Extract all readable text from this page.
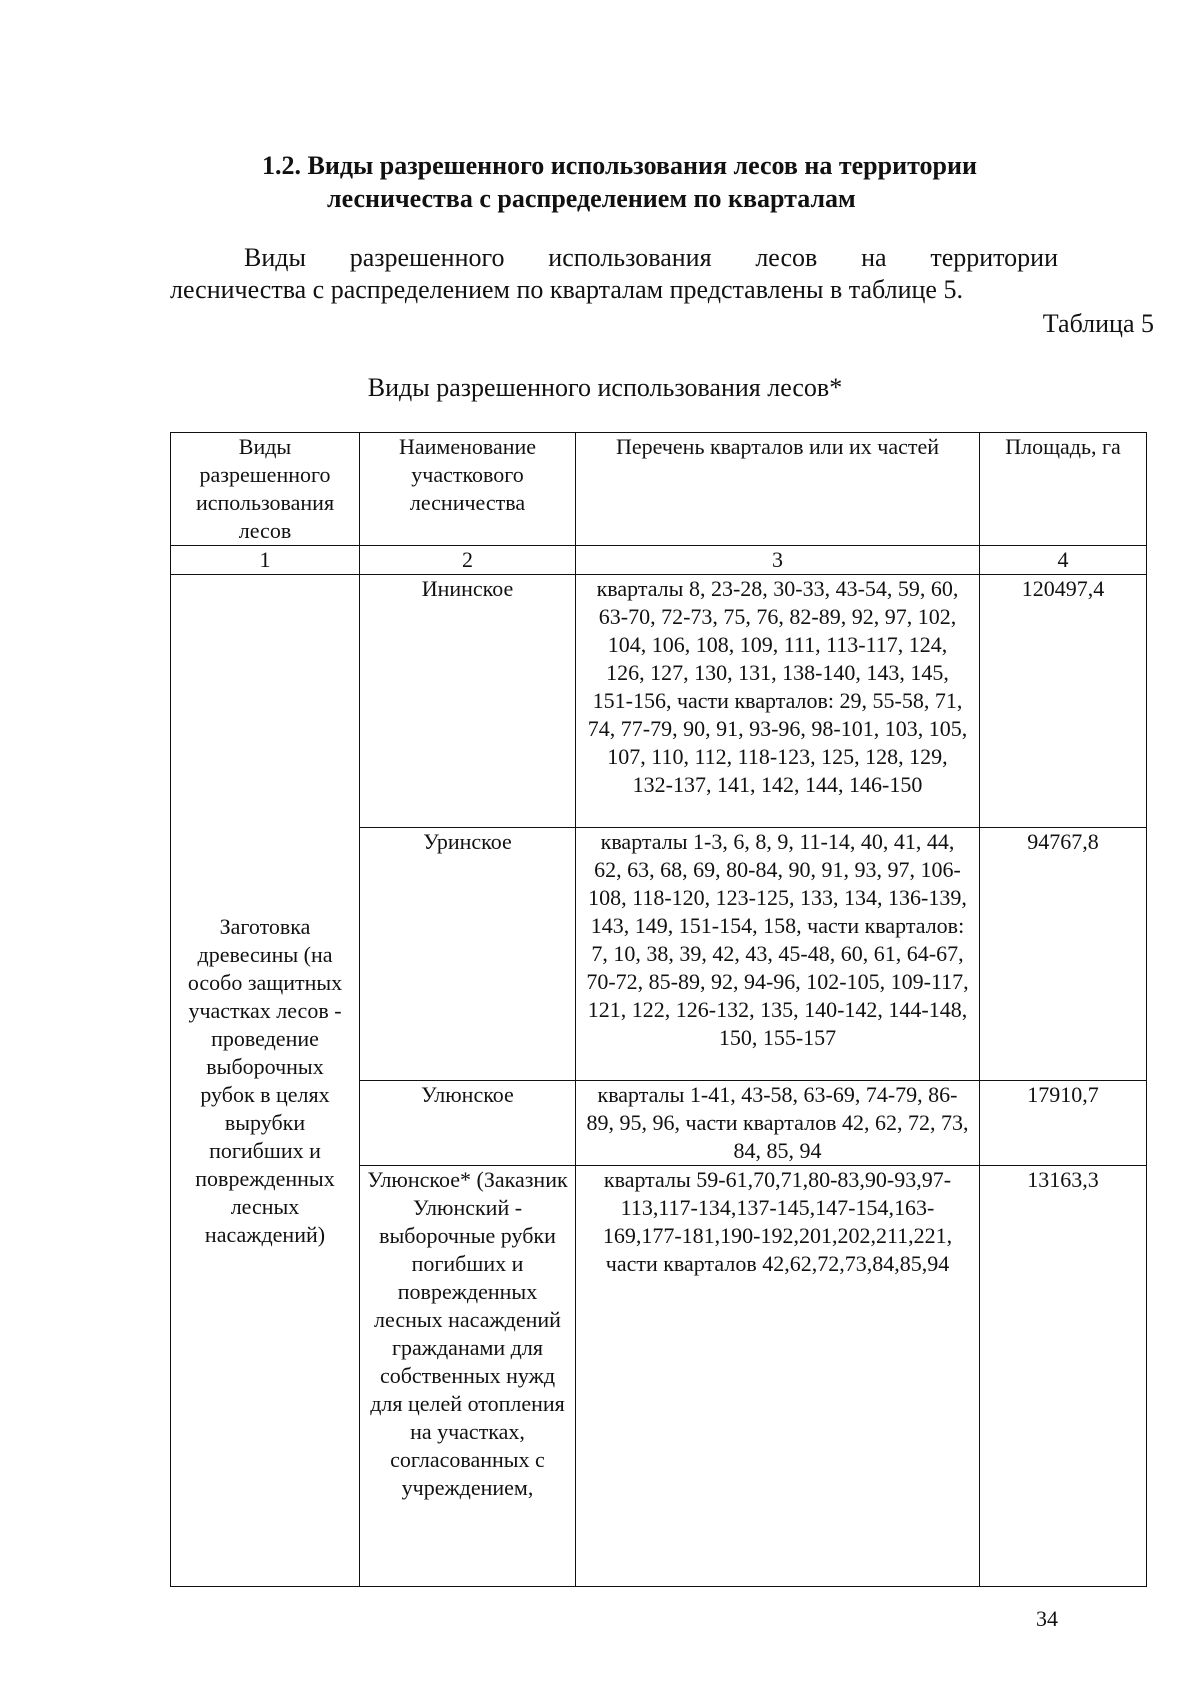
1.2. Виды разрешенного использования лесов на территории
лесничества с распределением по кварталам
Виды разрешенного использования лесов на территории
лесничества с распределением по кварталам представлены в таблице 5.
Таблица 5
Виды разрешенного использования лесов*
Виды разрешенного использования лесов	Наименование участкового лесничества	Перечень кварталов или их частей	Площадь, га
1	2	3	4
Заготовка древесины (на особо защитных участках лесов - проведение выборочных рубок в целях вырубки погибших и поврежденных лесных насаждений)	Ининское	кварталы 8, 23-28, 30-33, 43-54, 59, 60, 63-70, 72-73, 75, 76, 82-89, 92, 97, 102, 104, 106, 108, 109, 111, 113-117, 124, 126, 127, 130, 131, 138-140, 143, 145, 151-156, части кварталов: 29, 55-58, 71, 74, 77-79, 90, 91, 93-96, 98-101, 103, 105, 107, 110, 112, 118-123, 125, 128, 129, 132-137, 141, 142, 144, 146-150	120497,4
	Уринское	кварталы 1-3, 6, 8, 9, 11-14, 40, 41, 44, 62, 63, 68, 69, 80-84, 90, 91, 93, 97, 106-108, 118-120, 123-125, 133, 134, 136-139, 143, 149, 151-154, 158, части кварталов: 7, 10, 38, 39, 42, 43, 45-48, 60, 61, 64-67, 70-72, 85-89, 92, 94-96, 102-105, 109-117, 121, 122, 126-132, 135, 140-142, 144-148, 150, 155-157	94767,8
	Улюнское	кварталы 1-41, 43-58, 63-69, 74-79, 86-89, 95, 96, части кварталов 42, 62, 72, 73, 84, 85, 94	17910,7
	Улюнское* (Заказник Улюнский - выборочные рубки погибших и поврежденных лесных насаждений гражданами для собственных нужд для целей отопления на участках, согласованных с учреждением,	кварталы 59-61,70,71,80-83,90-93,97-113,117-134,137-145,147-154,163-169,177-181,190-192,201,202,211,221, части кварталов 42,62,72,73,84,85,94	13163,3
34
